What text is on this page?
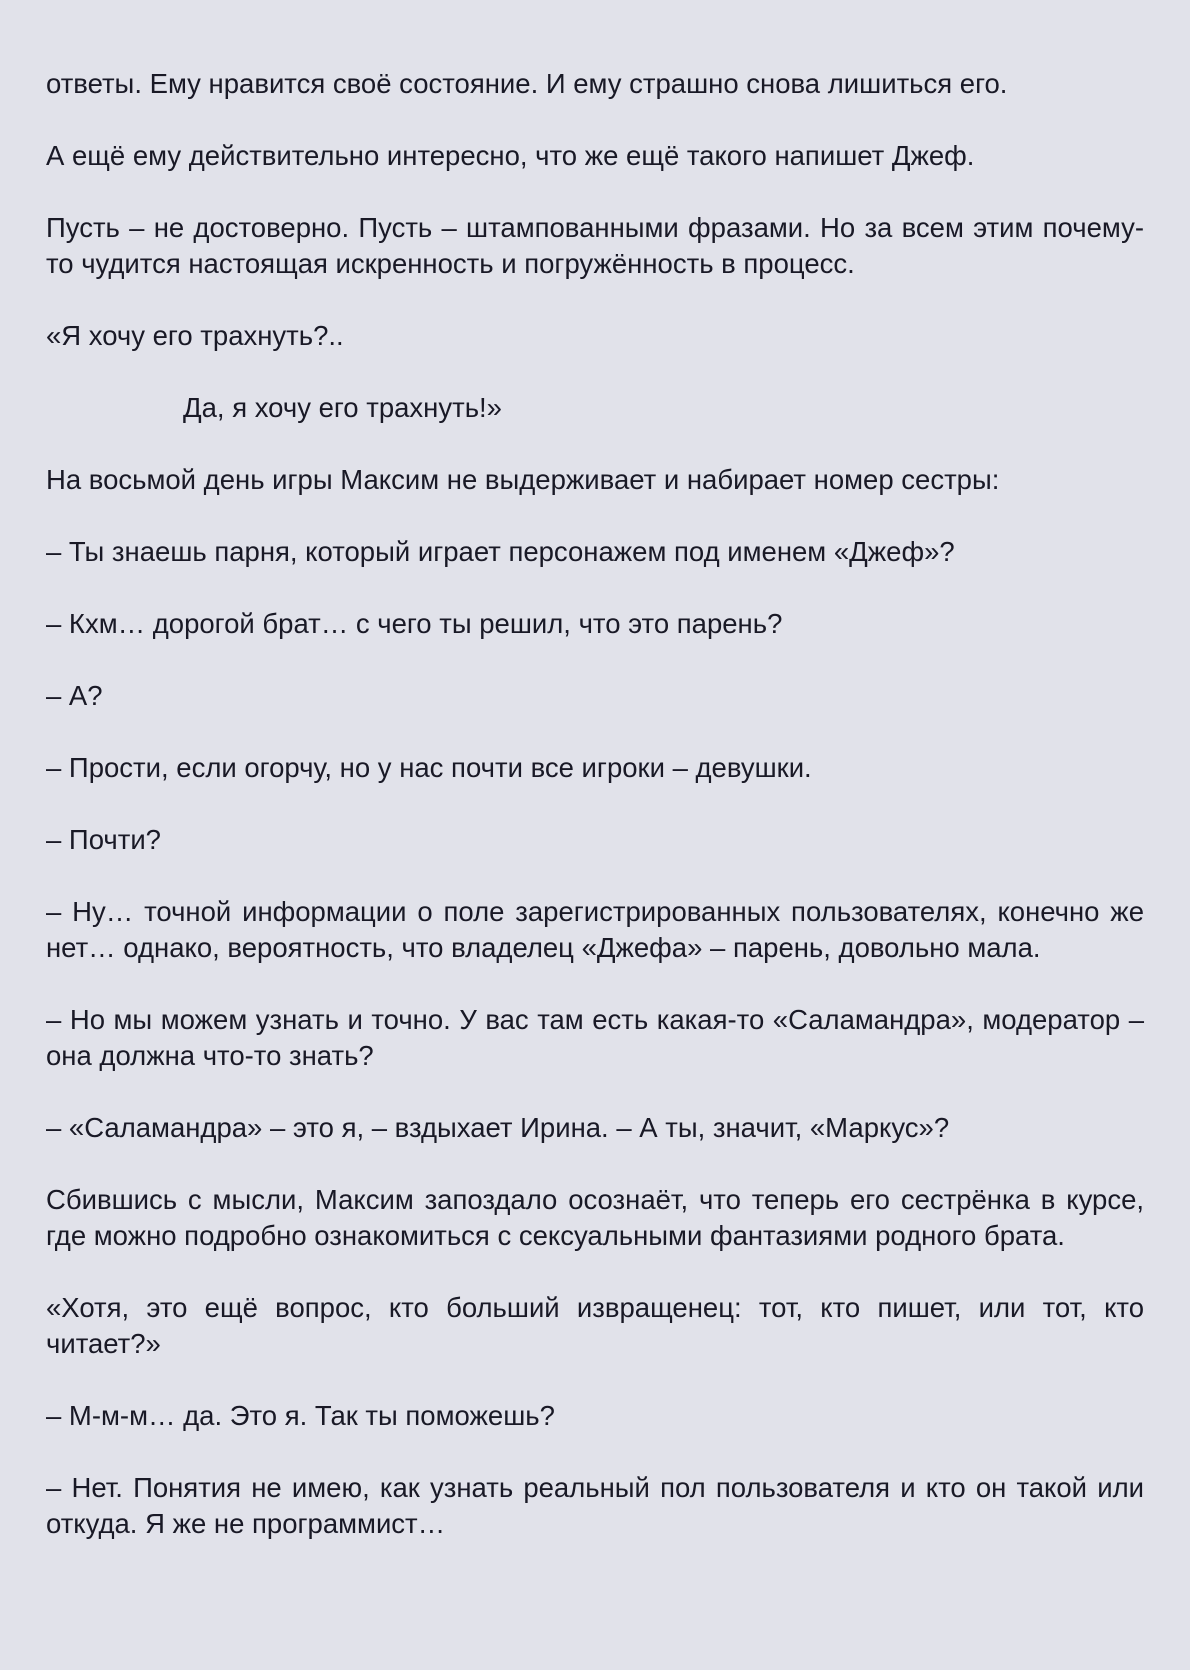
ответы. Ему нравится своё состояние. И ему страшно снова лишиться его.

А ещё ему действительно интересно, что же ещё такого напишет Джеф.

Пусть – не достоверно. Пусть – штампованными фразами. Но за всем этим почему-то чудится настоящая искренность и погружённость в процесс.

«Я хочу его трахнуть?..

Да, я хочу его трахнуть!»

На восьмой день игры Максим не выдерживает и набирает номер сестры:

– Ты знаешь парня, который играет персонажем под именем «Джеф»?

– Кхм… дорогой брат… с чего ты решил, что это парень?

– А?

– Прости, если огорчу, но у нас почти все игроки – девушки.

– Почти?

– Ну… точной информации о поле зарегистрированных пользователях, конечно же нет… однако, вероятность, что владелец «Джефа» – парень, довольно мала.

– Но мы можем узнать и точно. У вас там есть какая-то «Саламандра», модератор – она должна что-то знать?

– «Саламандра» – это я, – вздыхает Ирина. – А ты, значит, «Маркус»?

Сбившись с мысли, Максим запоздало осознаёт, что теперь его сестрёнка в курсе, где можно подробно ознакомиться с сексуальными фантазиями родного брата.

«Хотя, это ещё вопрос, кто больший извращенец: тот, кто пишет, или тот, кто читает?»

– М-м-м… да. Это я. Так ты поможешь?

– Нет. Понятия не имею, как узнать реальный пол пользователя и кто он такой или откуда. Я же не программист…
